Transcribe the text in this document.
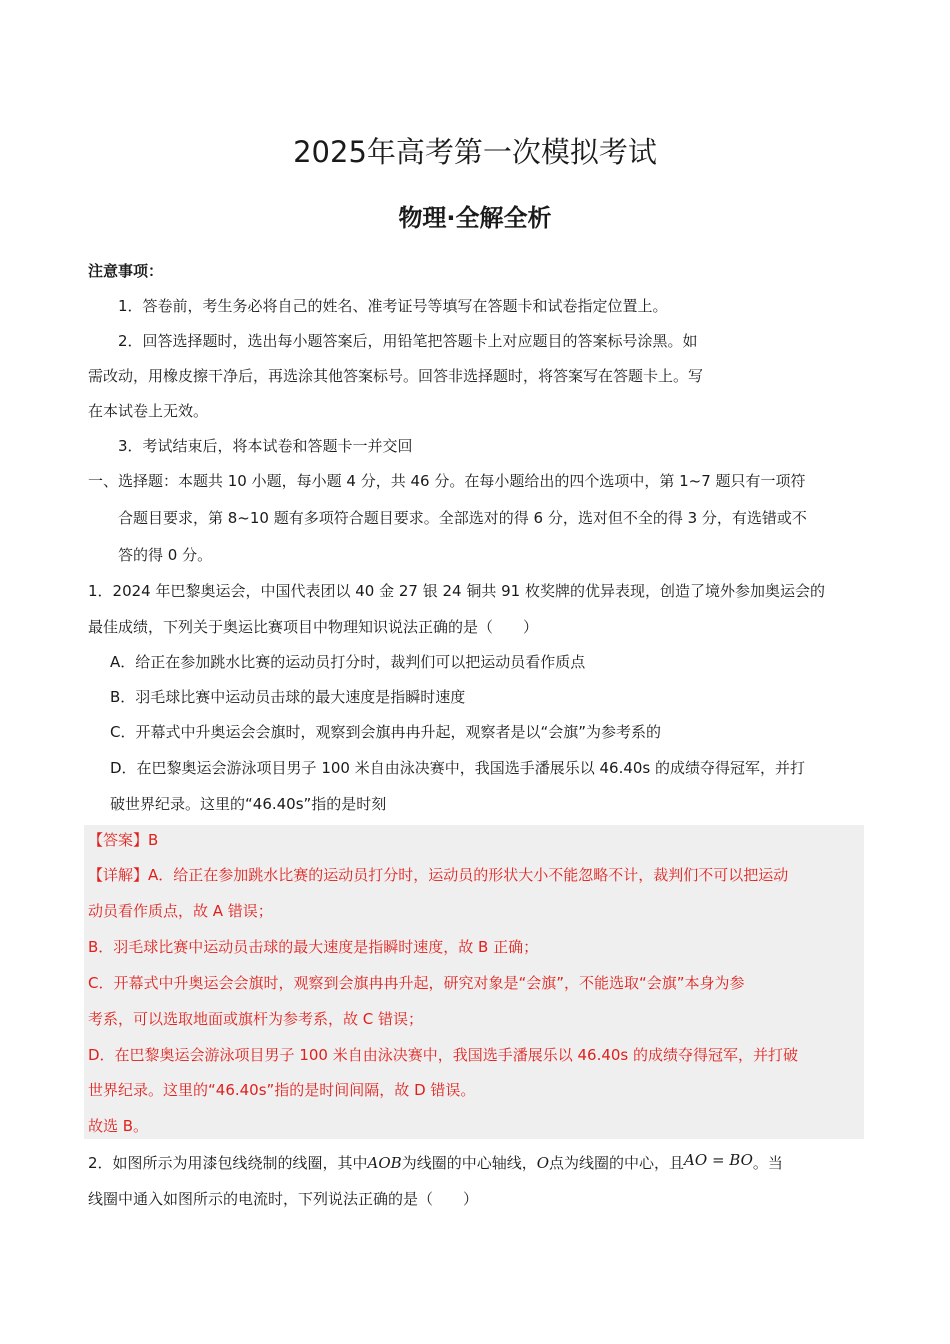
2025年高考第一次模拟考试
物理·全解全析
注意事项：
1．答卷前，考生务必将自己的姓名、准考证号等填写在答题卡和试卷指定位置上。
2．回答选择题时，选出每小题答案后，用铅笔把答题卡上对应题目的答案标号涂黑。如
需改动，用橡皮擦干净后，再选涂其他答案标号。回答非选择题时，将答案写在答题卡上。写
在本试卷上无效。
3．考试结束后，将本试卷和答题卡一并交回
一、选择题：本题共 10 小题，每小题 4 分，共 46 分。在每小题给出的四个选项中，第 1~7 题只有一项符
合题目要求，第 8~10 题有多项符合题目要求。全部选对的得 6 分，选对但不全的得 3 分，有选错或不
答的得 0 分。
1．2024 年巴黎奥运会，中国代表团以 40 金 27 银 24 铜共 91 枚奖牌的优异表现，创造了境外参加奥运会的
最佳成绩，下列关于奥运比赛项目中物理知识说法正确的是（　　）
A．给正在参加跳水比赛的运动员打分时，裁判们可以把运动员看作质点
B．羽毛球比赛中运动员击球的最大速度是指瞬时速度
C．开幕式中升奥运会会旗时，观察到会旗冉冉升起，观察者是以“会旗”为参考系的
D．在巴黎奥运会游泳项目男子 100 米自由泳决赛中，我国选手潘展乐以 46.40s 的成绩夺得冠军，并打
破世界纪录。这里的“46.40s”指的是时刻
【答案】B
【详解】A．给正在参加跳水比赛的运动员打分时，运动员的形状大小不能忽略不计，裁判们不可以把运动
动员看作质点，故 A 错误；
B．羽毛球比赛中运动员击球的最大速度是指瞬时速度，故 B 正确；
C．开幕式中升奥运会会旗时，观察到会旗冉冉升起，研究对象是“会旗”，不能选取“会旗”本身为参
考系，可以选取地面或旗杆为参考系，故 C 错误；
D．在巴黎奥运会游泳项目男子 100 米自由泳决赛中，我国选手潘展乐以 46.40s 的成绩夺得冠军，并打破
世界纪录。这里的“46.40s”指的是时间间隔，故 D 错误。
故选 B。
2．如图所示为用漆包线绕制的线圈，其中AOB为线圈的中心轴线，O点为线圈的中心，且AO = BO。当
线圈中通入如图所示的电流时，下列说法正确的是（　　）
